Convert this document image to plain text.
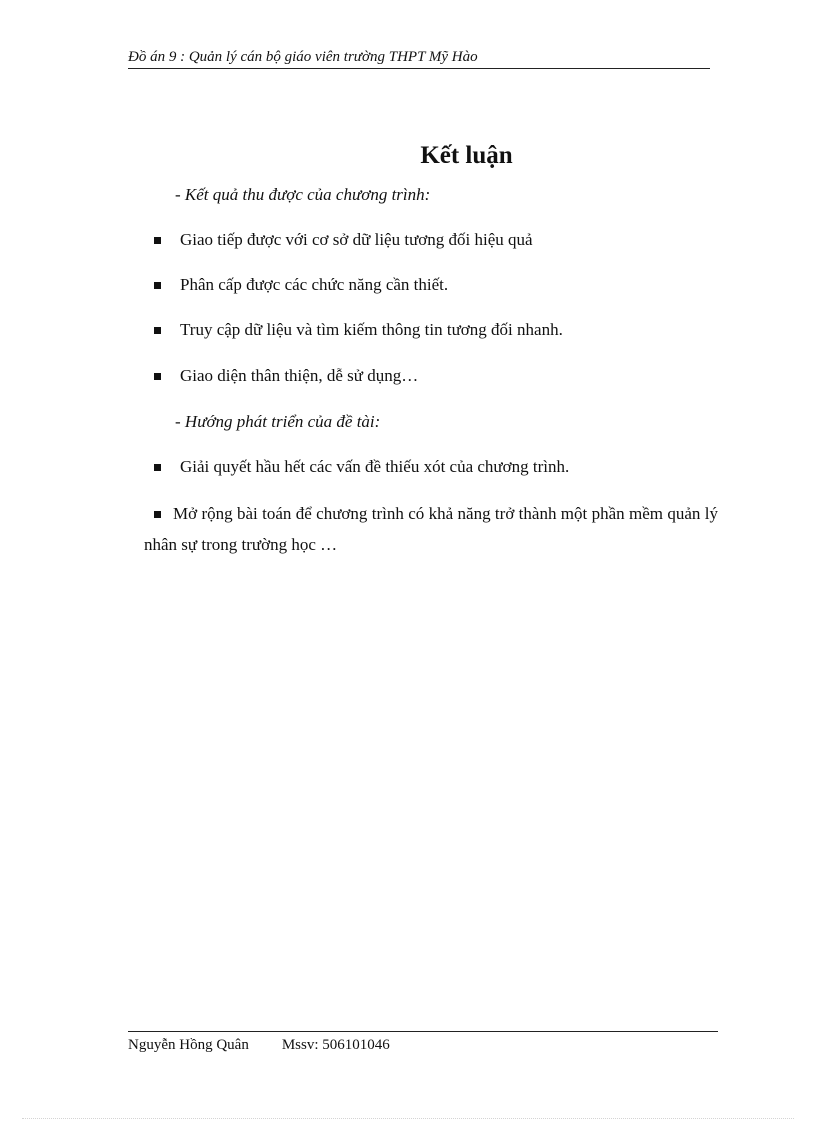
Đồ án 9 : Quản lý cán bộ giáo viên trường THPT Mỹ Hào
Kết luận
- Kết quả thu được của chương trình:
Giao tiếp được với cơ sở dữ liệu tương đối hiệu quả
Phân cấp được các chức năng cần thiết.
Truy cập dữ liệu và tìm kiếm thông tin tương đối nhanh.
Giao diện thân thiện, dễ sử dụng…
- Hướng phát triển của đề tài:
Giải quyết hầu hết các vấn đề thiếu xót của chương trình.
Mở rộng bài toán để chương trình có khả năng trở thành một phần mềm quản lý nhân sự trong trường học …
Nguyễn Hồng Quân Mssv: 506101046
